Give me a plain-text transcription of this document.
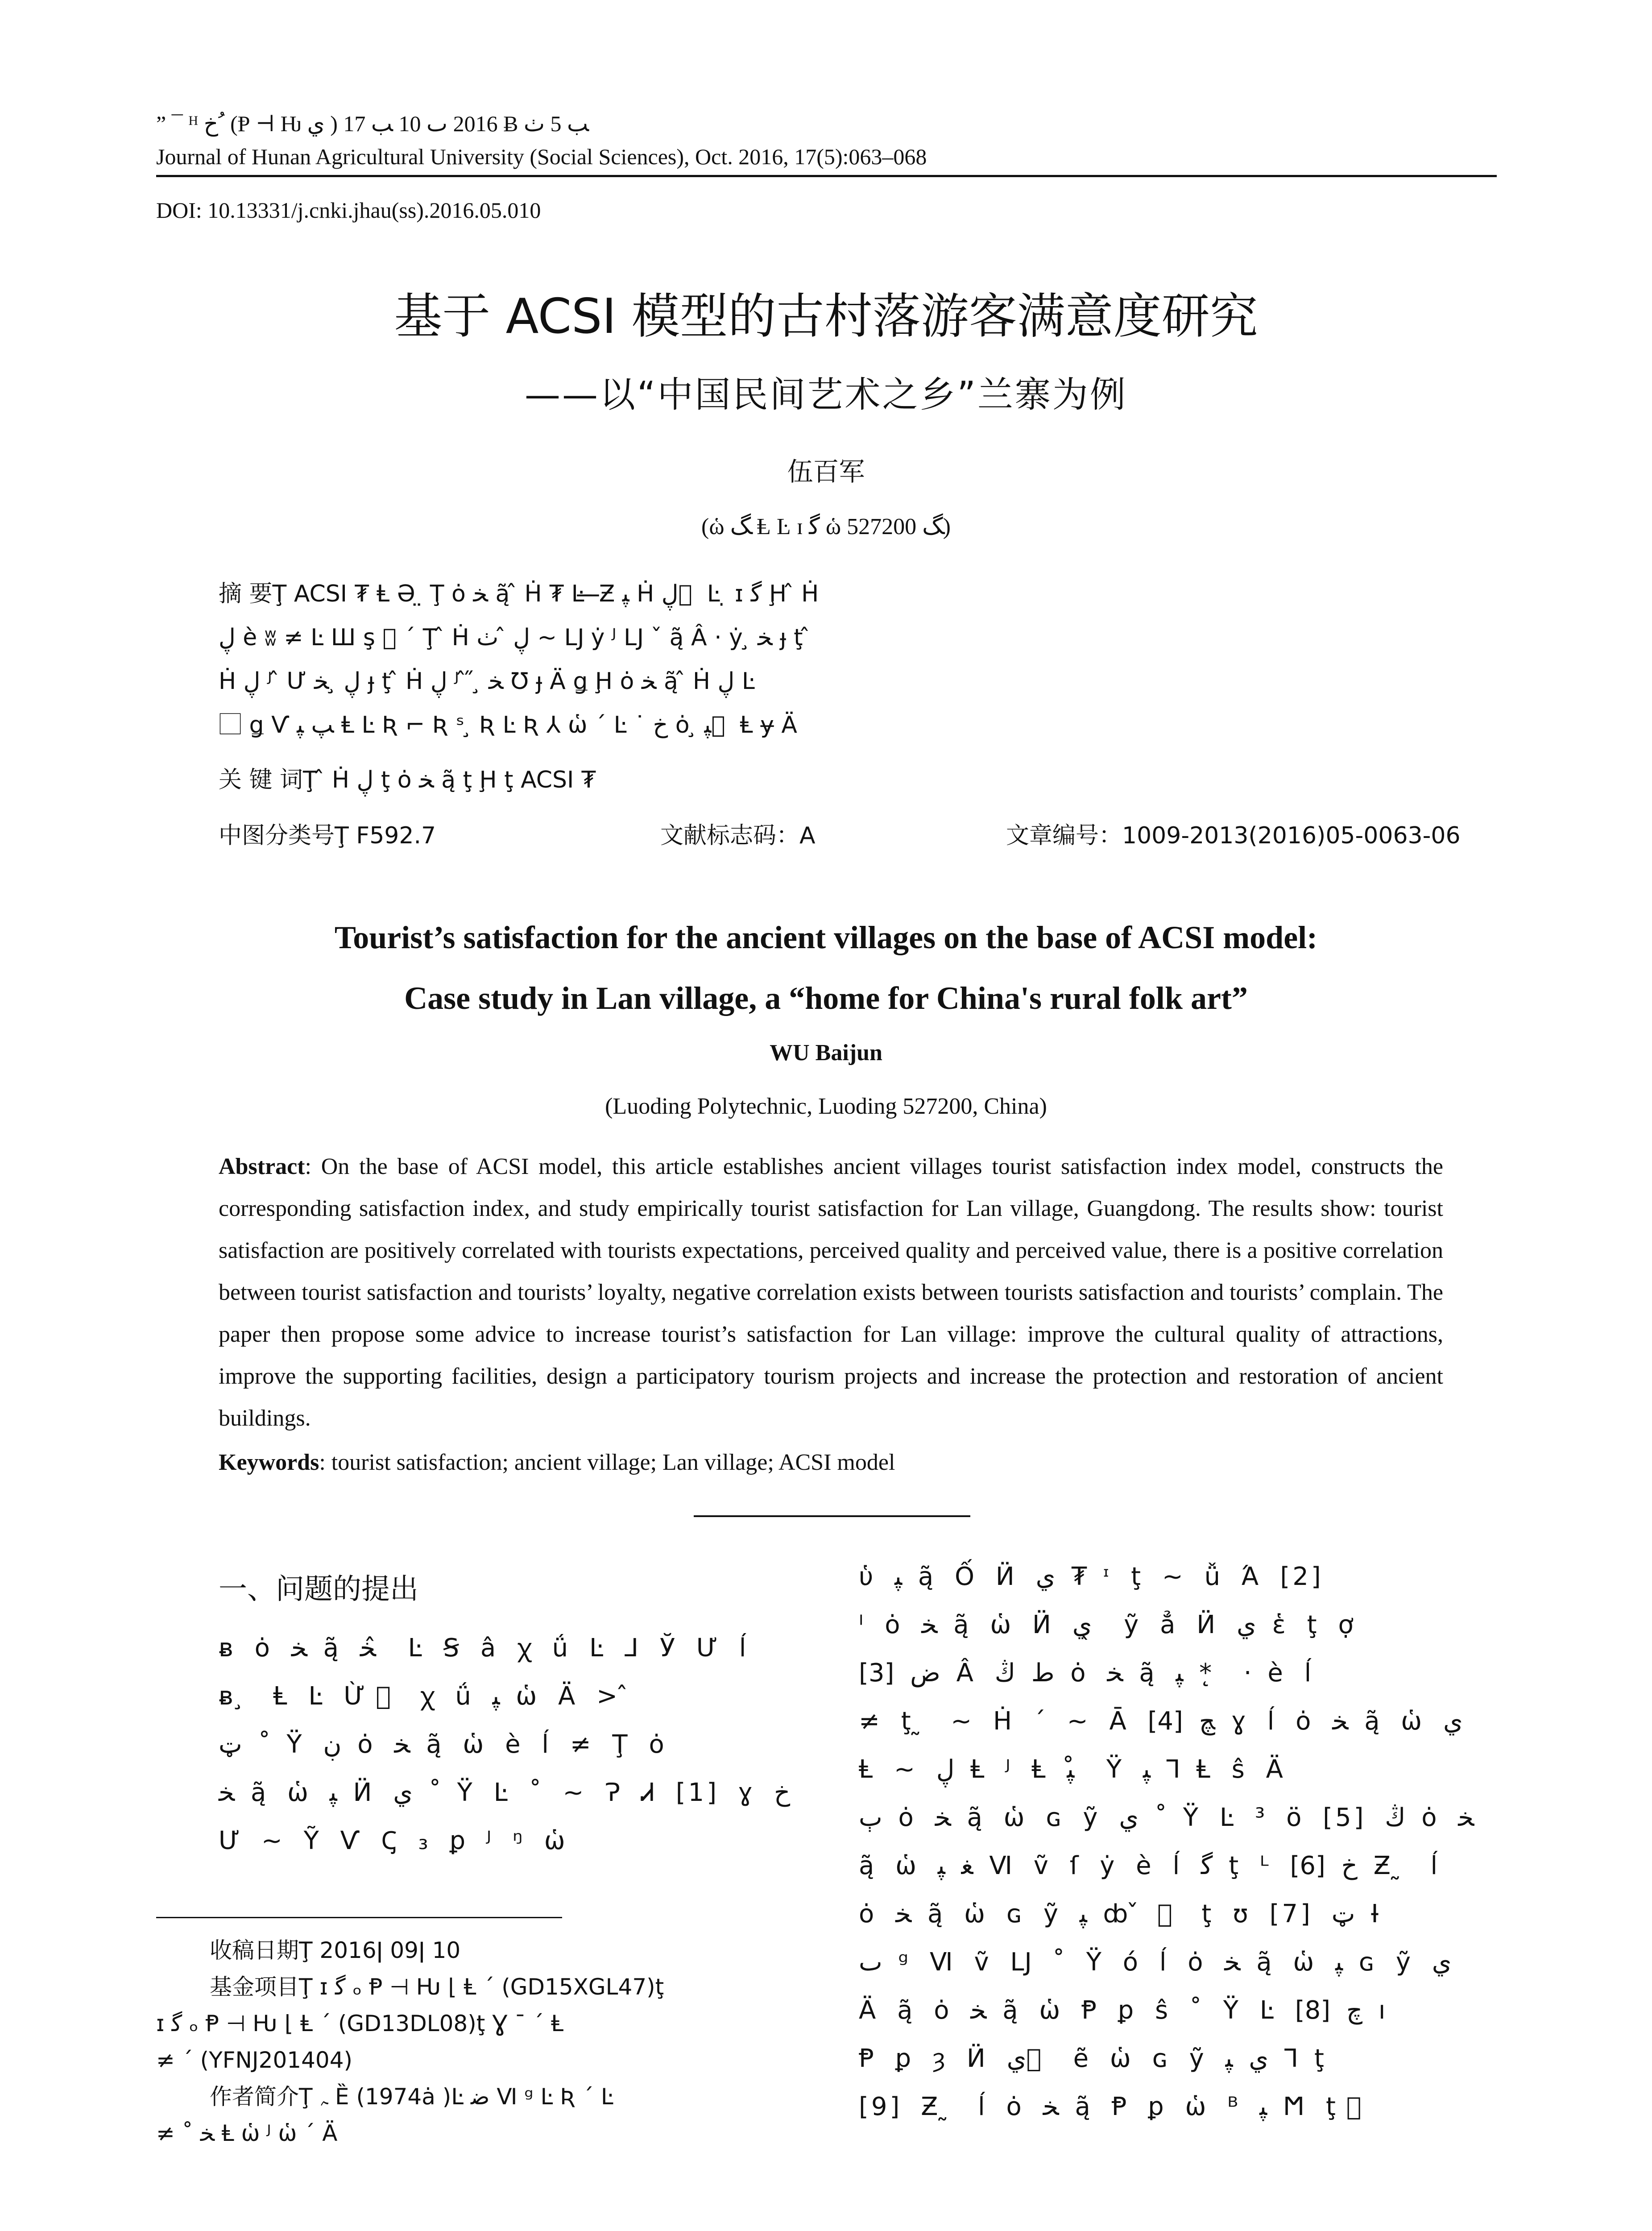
” ¯ ᴴ ﺥ ُ (Ᵽ ⊣ Ƕ ي ) 2016 ٮ 10 ﺐ 17 Ƀ ﺐ 5 ﭞ
Journal of Hunan Agricultural University (Social Sciences), Oct. 2016, 17(5):063–068
DOI: 10.13331/j.cnki.jhau(ss).2016.05.010
基于 ACSI 模型的古村落游客满意度研究
——以“中国民间艺术之乡”兰寨为例
伍百军
(ὡ ﮓ Ⱡ Ŀ ɪ ﮔ ὡ ﮓ 527200)
摘 要Ţ ACSI ₮ Ⱡ Ә ̤ Ţ ȯ ﺨ ą̃ ̂ Ḣ ₮ Ŀ ̶ ̶Ƶ ﭙ Ḣ ڸ ⃞ Ŀ ̣ ɪ ﮔ Ḩ ̂ Ḣ
ڸ è ʬ ≠ Ŀ Ш ş ⃞ ΄ Ţ ̂ Ḣ ڸ ̂ ﭞ ~ Ǉ ẏ ᴶ Ǉ ˇ ą̃ Â · ẏ ̧ ﺨ ɟ ţ ̂
Ḣ ڸ ᴶ ̂ Ư ڸ ̧ ﺨ ɟ ţ ̂ Ḣ ڸ ᴶ ̂ ̋ ̧ ﺨ Ʊ ɟ Ä ǥ Ḩ ȯ ﺨ ą̃ ̂ Ḣ ڸ Ŀ
⃞ ǥ Ѵ ﭗ ﭙ Ⱡ Ŀ Ʀ ⌐ Ʀ ˢ ̧ Ʀ Ŀ Ʀ ⅄ ὡ ΄ Ŀ ˙ ﺥ ȯ ̧ ﭙ ⃞ Ⱡ ɏ Ä
关 键 词Ţ ̂ Ḣ ڸ ţ ȯ ﺨ ą̃ ţ Ḩ ţ ACSI ₮
中图分类号Ţ F592.7	文献标志码：A	文章编号：1009-2013(2016)05-0063-06
Tourist’s satisfaction for the ancient villages on the base of ACSI model:
Case study in Lan village, a “home for China's rural folk art”
WU Baijun
(Luoding Polytechnic, Luoding 527200, China)
Abstract: On the base of ACSI model, this article establishes ancient villages tourist satisfaction index model, constructs the corresponding satisfaction index, and study empirically tourist satisfaction for Lan village, Guangdong. The results show: tourist satisfaction are positively correlated with tourists expectations, perceived quality and perceived value, there is a positive correlation between tourist satisfaction and tourists’ loyalty, negative correlation exists between tourists satisfaction and tourists’ complain. The paper then propose some advice to increase tourist’s satisfaction for Lan village: improve the cultural quality of attractions, improve the supporting facilities, design a participatory tourism projects and increase the protection and restoration of ancient buildings.
Keywords: tourist satisfaction; ancient village; Lan village; ACSI model
一、问题的提出
ᴃ ȯ ﺨ ą̃ ﺨ ̂ Ŀ Ꞩ â ꭓ ǘ Ŀ ⅃ Ў Ư ĺ
ᴃ ̧ Ⱡ Ŀ Ừ ⃞ ꭓ ǘ ﭙ ὡ Ä > ̂
ټ ˚ Ÿ ڹ ȯ ﺨ ą̃ ὡ è ĺ ≠ Ţ ȯ
ﺨ ą̃ ὡ ﭙ Ӥ ي ˚ Ÿ Ŀ ˚ ~ Ɂ Ꮧ [1] ɣ ﺥ
Ư ~ Ỹ Ѵ Ꞔ ₃ ꝑ ᴶ ᵑ ὡ
ὑ ﭙ ą̃ Ố Ӥ ي ₮ ᶦ ţ ~ ǚ Ά [2]
ᴵ ȯ ﺨ ą̃ ὡ Ӥ ي ̖ ỹ ẳ Ӥ ي ἑ ţ ợ
[3] ﺽ Â ﻁ ﯓ ȯ ﺨ ą̃ ﭙ * ̨ · è ĺ
≠ ţ ̰ ~ Ḣ ΄ ~ Ā ﭻ [4] ɣ ĺ ȯ ﺨ ą̃ ὡ ي
Ⱡ ~ ڸ Ⱡ ᴶ Ⱡ ﭙ ̊ Ÿ ﭙ ⅂ Ⱡ ŝ Ä
ﭒ ȯ ﺨ ą̃ ὡ ɢ ỹ ي ˚ Ÿ Ŀ ³ ö [5] ﯓ ȯ ﺨ
ą̃ ὡ ﻐ ﭙ Ⅵ ṽ ſ ẏ è ĺ ﮔ ţ ᴸ ﺥ [6] Ƶ ̰ ĺ
ȯ ﺨ ą̃ ὡ ɢ ỹ ﭙ ȸ ̌ ⃞ ţ ʊ [7] ټ Ɨ
ٮ ᵍ Ⅵ ṽ Ǉ ˚ Ÿ ó ĺ ȯ ﺨ ą̃ ὡ ﭙ ɢ ỹ ي
Ä ą̃ ȯ ﺨ ą̃ ὡ Ᵽ ꝑ ŝ ˚ Ÿ Ŀ ﭺ [8] ı
Ᵽ ꝑ ȝ Ӥ ي ⃞ ẽ ὡ ɢ ỹ ي ﭙ ⅂ ţ
[9] Ƶ ̰ ĺ ȯ ﺨ ą̃ Ᵽ ꝑ ὡ ᴮ ﭙ Ϻ ţ ᷟ
收稿日期Ţ 2016ǀ 09ǀ 10
基金项目Ţ ɪ ﮔ ₒ Ᵽ ⊣ Ƕ ⌊ Ⱡ ΄ (GD15XGL47)ţ
ɪ ﮔ ₒ Ᵽ ⊣ Ƕ ⌊ Ⱡ ΄ (GD13DL08)ţ Ɣ ¯ ΄ Ⱡ
≠ ΄ (YFNJ201404)
作者简介Ţ ﮧ Ȅ (1974ȧ )Ŀ ﺿ Ⅵ ᵍ Ŀ Ʀ ΄ Ŀ
≠ ˚ ﺨ Ⱡ ὡ ᴶ ὡ ΄ Ä
